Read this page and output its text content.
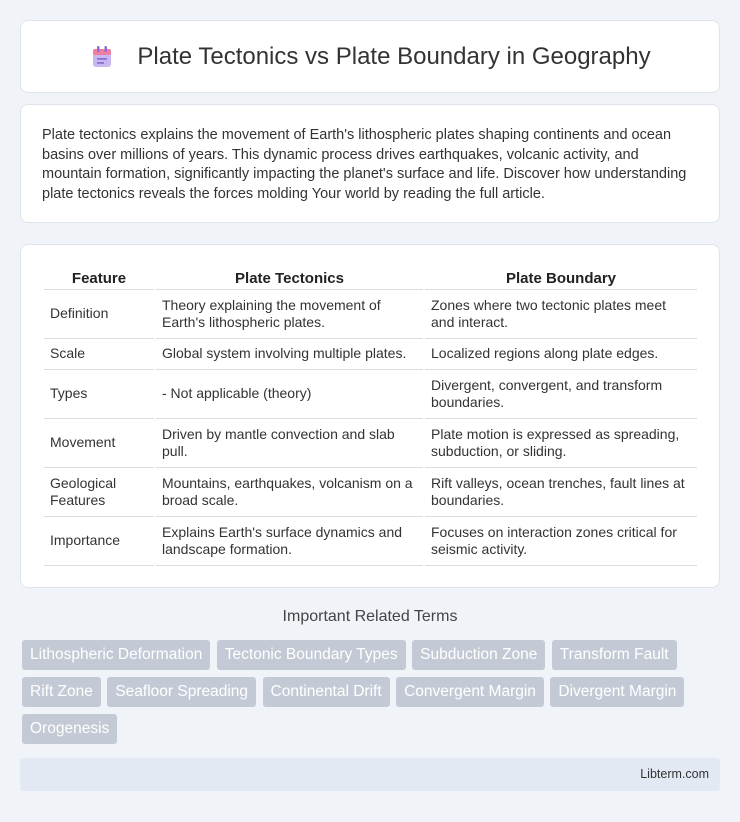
Plate Tectonics vs Plate Boundary in Geography

Plate tectonics explains the movement of Earth's lithospheric plates shaping continents and ocean basins over millions of years. This dynamic process drives earthquakes, volcanic activity, and mountain formation, significantly impacting the planet's surface and life. Discover how understanding plate tectonics reveals the forces molding Your world by reading the full article.

Feature	Plate Tectonics	Plate Boundary
Definition	Theory explaining the movement of Earth's lithospheric plates.	Zones where two tectonic plates meet and interact.
Scale	Global system involving multiple plates.	Localized regions along plate edges.
Types	- Not applicable (theory)	Divergent, convergent, and transform boundaries.
Movement	Driven by mantle convection and slab pull.	Plate motion is expressed as spreading, subduction, or sliding.
Geological Features	Mountains, earthquakes, volcanism on a broad scale.	Rift valleys, ocean trenches, fault lines at boundaries.
Importance	Explains Earth's surface dynamics and landscape formation.	Focuses on interaction zones critical for seismic activity.
Important Related Terms
Lithospheric Deformation Tectonic Boundary Types Subduction Zone Transform Fault Rift Zone Seafloor Spreading Continental Drift Convergent Margin Divergent Margin Orogenesis
Libterm.com
